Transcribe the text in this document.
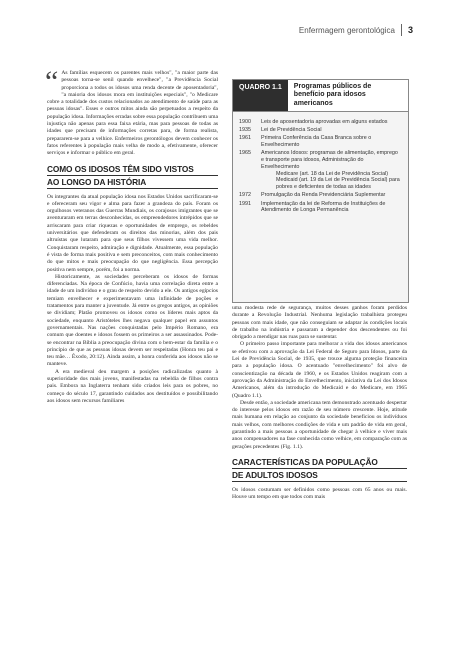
Enfermagem gerontológica 3
“ As famílias esquecem os parentes mais velhos", "a maior parte das pessoas torna-se senil quando envelhece", "a Previdência Social proporciona a todos os idosos uma renda decente de aposentadoria", "a maioria dos idosos mora em instituições especiais", "o Medicare cobre a totalidade dos custos relacionados ao atendimento de saúde para as pessoas idosas". Esses e outros mitos ainda são perpetuados a respeito da população idosa. Informações erradas sobre essa população contribuem uma injustiça não apenas para essa faixa etária, mas para pessoas de todas as idades que precisam de informações corretas para, de forma realista, prepararem-se para a velhice. Enfermeiros gerontólogos devem conhecer os fatos referentes à população mais velha de modo a, efetivamente, oferecer serviços e informar o público em geral.

COMO OS IDOSOS TÊM SIDO VISTOS
AO LONGO DA HISTÓRIA

Os integrantes da atual população idosa nos Estados Unidos sacrificaram-se e ofereceram seu vigor e alma para fazer a grandeza do país. Foram os orgulhosos veteranos das Guerras Mundiais, os corajosos imigrantes que se aventuraram em terras desconhecidas, os empreendedores intrépidos que se arriscaram para criar riquezas e oportunidades de emprego, os rebeldes universitários que defenderam os direitos das minorias, além dos pais altruístas que lutaram para que seus filhos vivessem uma vida melhor. Conquistaram respeito, admiração e dignidade. Atualmente, essa população é vista de forma mais positiva e sem preconceitos, com mais conhecimento do que mitos e mais preocupação do que negligência. Essa percepção positiva nem sempre, porém, foi a norma.

Historicamente, as sociedades perceberam os idosos de formas diferenciadas. Na época de Confúcio, havia uma correlação direta entre a idade de um indivíduo e o grau de respeito devido a ele. Os antigos egípcios temiam envelhecer e experimentavam uma infinidade de poções e tratamentos para manter a juventude. Já entre os gregos antigos, as opiniões se dividiam; Platão promoveu os idosos como os líderes mais aptos da sociedade, enquanto Aristóteles lhes negava qualquer papel em assuntos governamentais. Nas nações conquistadas pelo Império Romano, era comum que doentes e idosos fossem os primeiros a ser assassinados. Pode-se encontrar na Bíblia a preocupação divina com o bem-estar da família e o princípio de que as pessoas idosas devem ser respeitadas (Honra teu pai e teu mãe… Êxodo, 20:12). Ainda assim, a honra conferida aos idosos não se manteve.

A era medieval deu margem a posições radicalizadas quanto à superioridade dos mais jovens, manifestadas na rebeldia de filhos contra pais. Embora na Inglaterra tenham sido criados leis para os pobres, no começo do século 17, garantindo cuidados aos destituídos e possibilitando aos idosos sem recursos familiares

QUADRO 1.1	Programas públicos de benefício para idosos americanos
1900	Leis de aposentadoria aprovadas em alguns estados
1935	Lei de Previdência Social
1961	Primeira Conferência da Casa Branca sobre o Envelhecimento
1965	Americanos Idosos: programas de alimentação, emprego e transporte para idosos, Administração do Envelhecimento
Medicare (art. 18 da Lei de Previdência Social)
Medicaid (art. 19 da Lei de Previdência Social) para pobres e deficientes de todas as idades
1972	Promulgação da Renda Previdenciária Suplementar
1991	Implementação da lei de Reforma de Instituições de Atendimento de Longa Permanência

uma modesta rede de segurança, muitos desses ganhos foram perdidos durante a Revolução Industrial. Nenhuma legislação trabalhista protegeu pessoas com mais idade, que não conseguiam se adaptar às condições locais de trabalho na indústria e passaram a depender dos descendentes ou foi obrigado a mendigar nas ruas para se sustentar.

O primeiro passo importante para melhorar a vida dos idosos americanos se efetivou com a aprovação da Lei Federal de Seguro para Idosos, parte da Lei de Previdência Social, de 1935, que trouxe alguma proteção financeira para a população idosa. O acentuado "envelhecimento" foi alvo de conscientização na década de 1960, e os Estados Unidos reagiram com a aprovação da Administração do Envelhecimento, iniciativa da Lei dos Idosos Americanos, além da introdução do Medicaid e do Medicare, em 1965 (Quadro 1.1).

Desde então, a sociedade americana tem demonstrado acentuado despertar do interesse pelos idosos em razão de seu número crescente. Hoje, atitude mais humana em relação ao conjunto da sociedade beneficiou os indivíduos mais velhos, com melhores condições de vida e um padrão de vida em geral, garantindo a mais pessoas a oportunidade de chegar à velhice e viver mais anos compensadores na fase conhecida como velhice, em comparação com as gerações precedentes (Fig. 1.1).

CARACTERÍSTICAS DA POPULAÇÃO
DE ADULTOS IDOSOS

Os idosos costumam ser definidos como pessoas com 65 anos ou mais. Houve um tempo em que todos com mais
